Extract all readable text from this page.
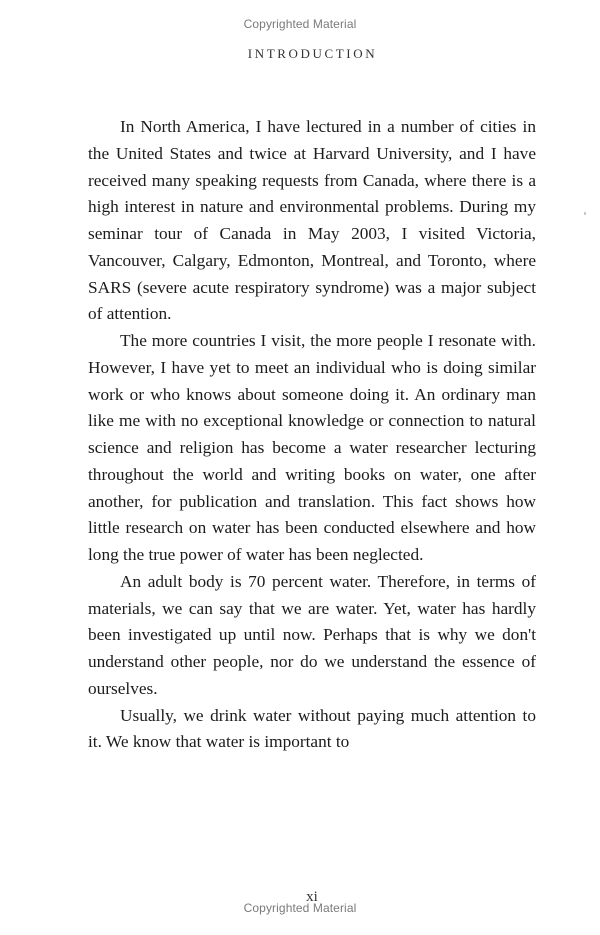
Copyrighted Material
INTRODUCTION

In North America, I have lectured in a number of cities in the United States and twice at Harvard University, and I have received many speaking requests from Canada, where there is a high interest in nature and environmental problems. During my seminar tour of Canada in May 2003, I visited Victoria, Vancouver, Calgary, Edmonton, Montreal, and Toronto, where SARS (severe acute respiratory syndrome) was a major subject of attention.

The more countries I visit, the more people I resonate with. However, I have yet to meet an individual who is doing similar work or who knows about someone doing it. An ordinary man like me with no exceptional knowledge or connection to natural science and religion has become a water researcher lecturing throughout the world and writing books on water, one after another, for publication and translation. This fact shows how little research on water has been conducted elsewhere and how long the true power of water has been neglected.

An adult body is 70 percent water. Therefore, in terms of materials, we can say that we are water. Yet, water has hardly been investigated up until now. Perhaps that is why we don't understand other people, nor do we understand the essence of ourselves.

Usually, we drink water without paying much attention to it. We know that water is important to

xi
Copyrighted Material
